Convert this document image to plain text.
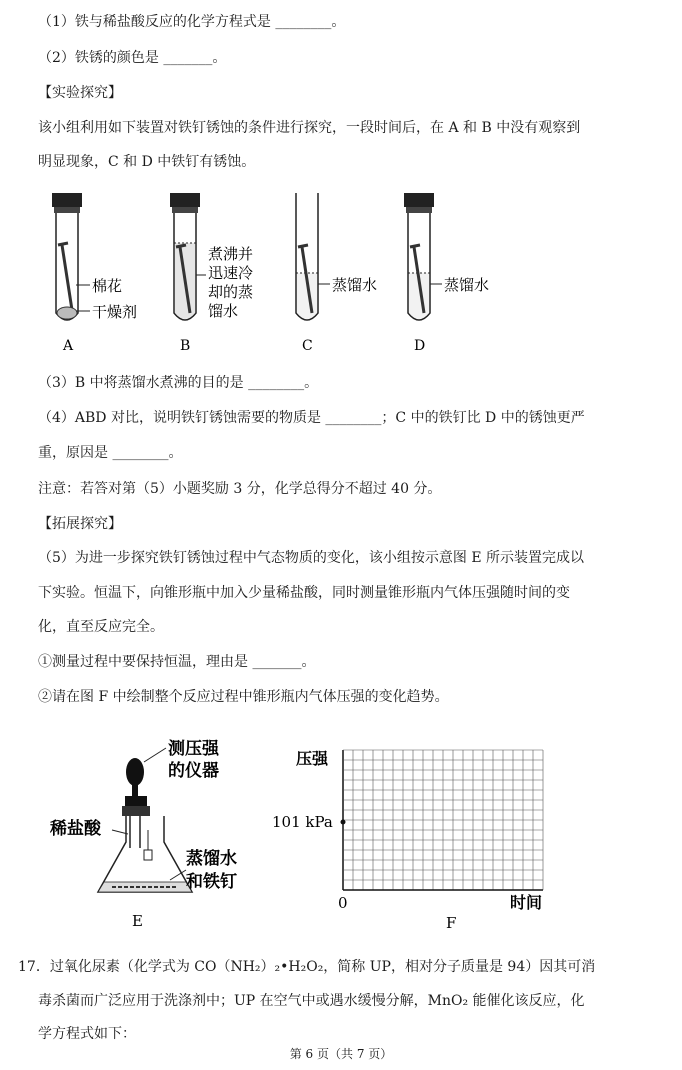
（1）铁与稀盐酸反应的化学方程式是 ________。
（2）铁锈的颜色是 _______。
【实验探究】
该小组利用如下装置对铁钉锈蚀的条件进行探究，一段时间后，在 A 和 B 中没有观察到
明显现象，C 和 D 中铁钉有锈蚀。
棉花
干燥剂
A
煮沸并
迅速冷
却的蒸
馏水
B
蒸馏水
C
蒸馏水
D
（3）B 中将蒸馏水煮沸的目的是 ________。
（4）ABD 对比，说明铁钉锈蚀需要的物质是 ________；C 中的铁钉比 D 中的锈蚀更严
重，原因是 ________。
注意：若答对第（5）小题奖励 3 分，化学总得分不超过 40 分。
【拓展探究】
（5）为进一步探究铁钉锈蚀过程中气态物质的变化，该小组按示意图 E 所示装置完成以
下实验。恒温下，向锥形瓶中加入少量稀盐酸，同时测量锥形瓶内气体压强随时间的变
化，直至反应完全。
①测量过程中要保持恒温，理由是 _______。
②请在图 F 中绘制整个反应过程中锥形瓶内气体压强的变化趋势。
测压强
的仪器
稀盐酸
蒸馏水
和铁钉
E
压强
101 kPa
0	时间
F
17．过氧化尿素（化学式为 CO（NH₂）₂•H₂O₂，简称 UP，相对分子质量是 94）因其可消
毒杀菌而广泛应用于洗涤剂中；UP 在空气中或遇水缓慢分解，MnO₂ 能催化该反应，化
学方程式如下：
第 6 页（共 7 页）
